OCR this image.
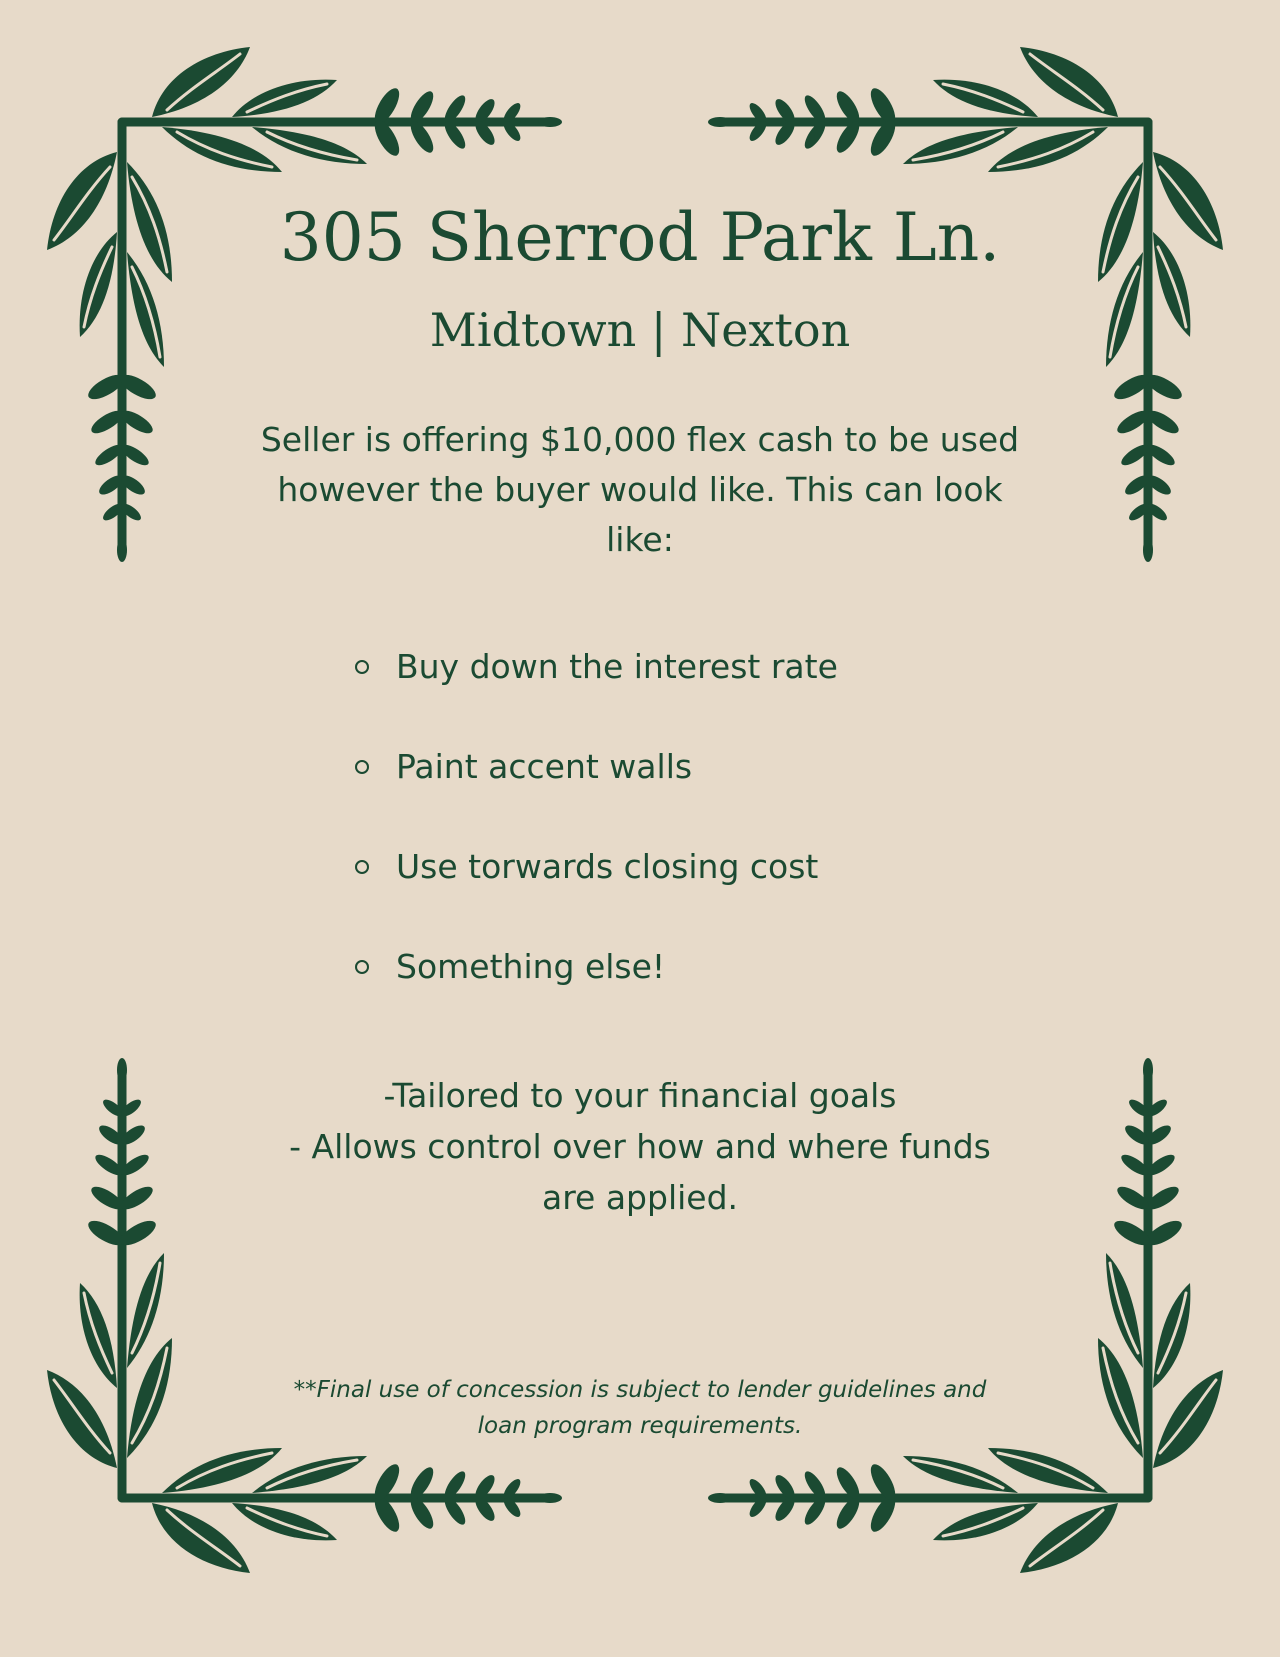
305 Sherrod Park Ln.
Midtown | Nexton

Seller is offering $10,000 flex cash to be used however the buyer would like. This can look like:

Buy down the interest rate
Paint accent walls
Use torwards closing cost
Something else!

-Tailored to your financial goals
- Allows control over how and where funds are applied.

**Final use of concession is subject to lender guidelines and loan program requirements.
